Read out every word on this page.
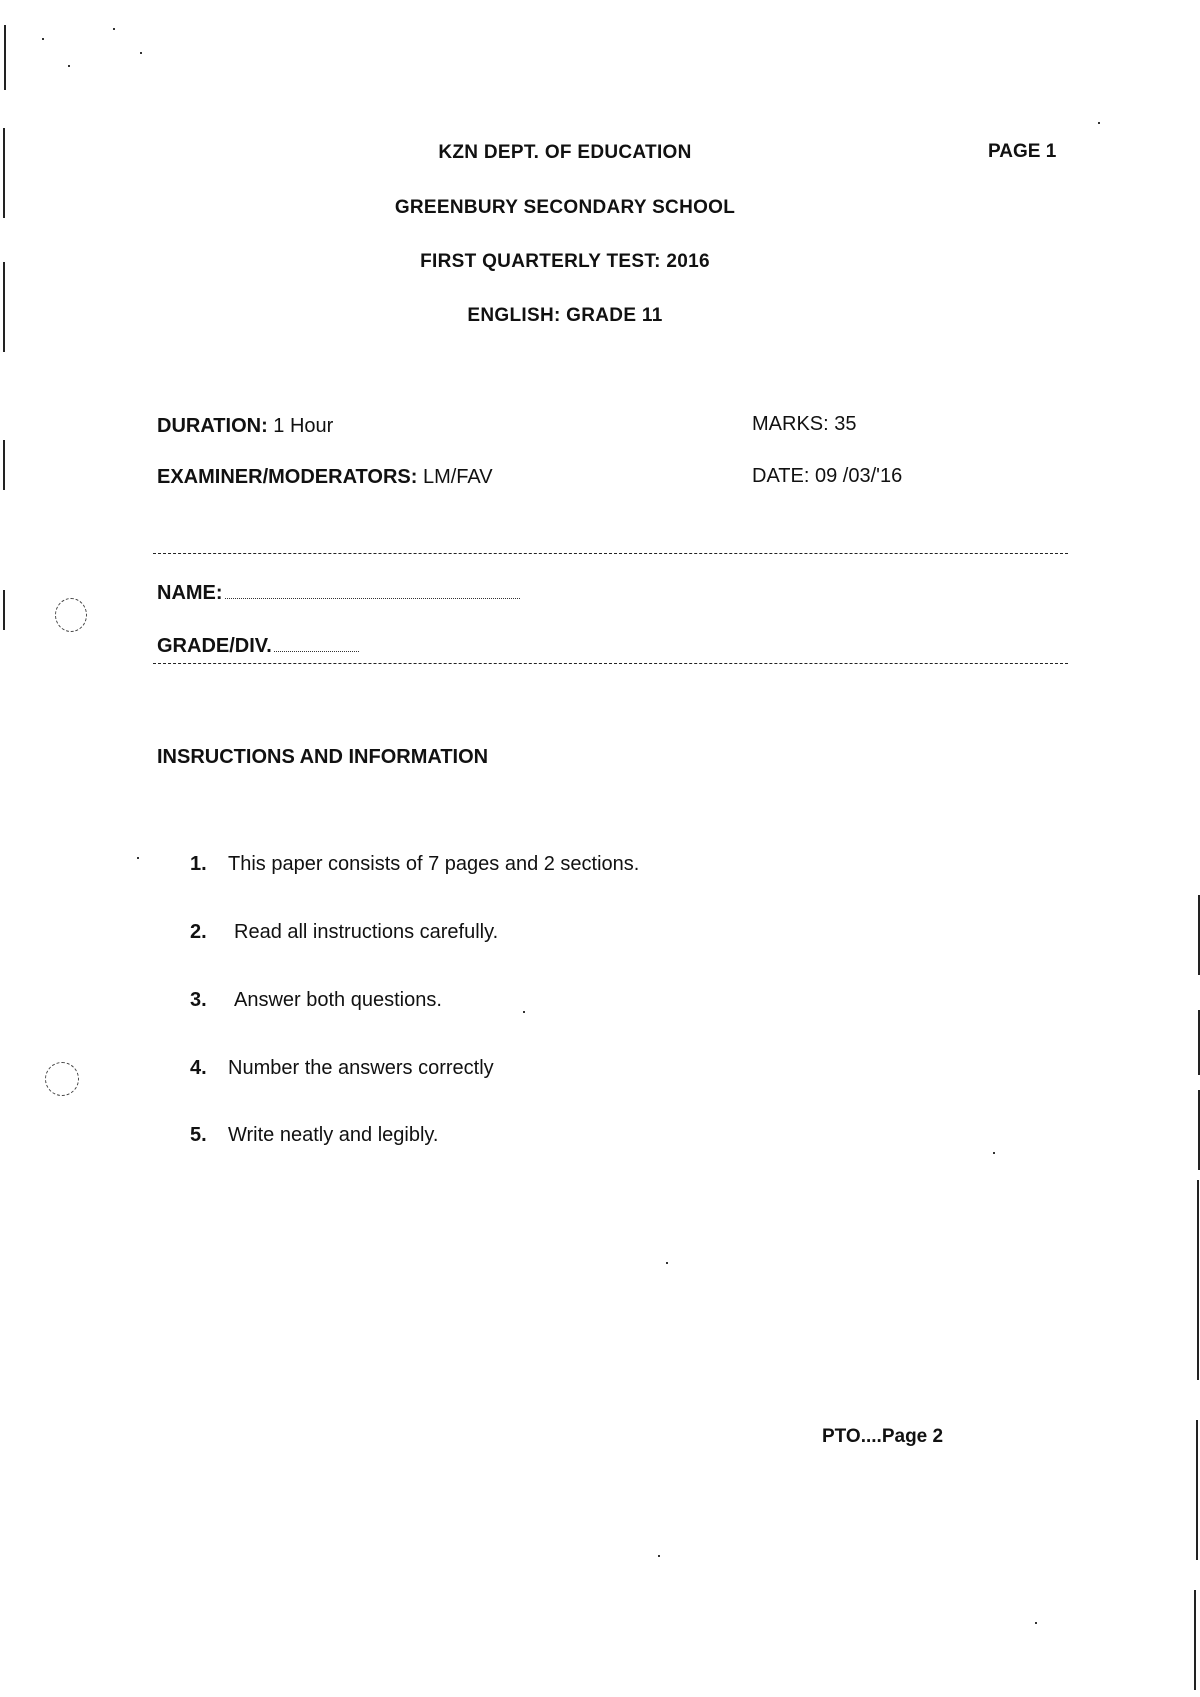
KZN DEPT. OF EDUCATION
GREENBURY SECONDARY SCHOOL
FIRST QUARTERLY TEST: 2016
ENGLISH: GRADE 11
PAGE 1
DURATION: 1 Hour	MARKS: 35
EXAMINER/MODERATORS: LM/FAV	DATE: 09 /03/'16
NAME:
GRADE/DIV.
INSRUCTIONS AND INFORMATION
1. This paper consists of 7 pages and 2 sections.
2. Read all instructions carefully.
3. Answer both questions.
4. Number the answers correctly
5. Write neatly and legibly.
PTO....Page 2
